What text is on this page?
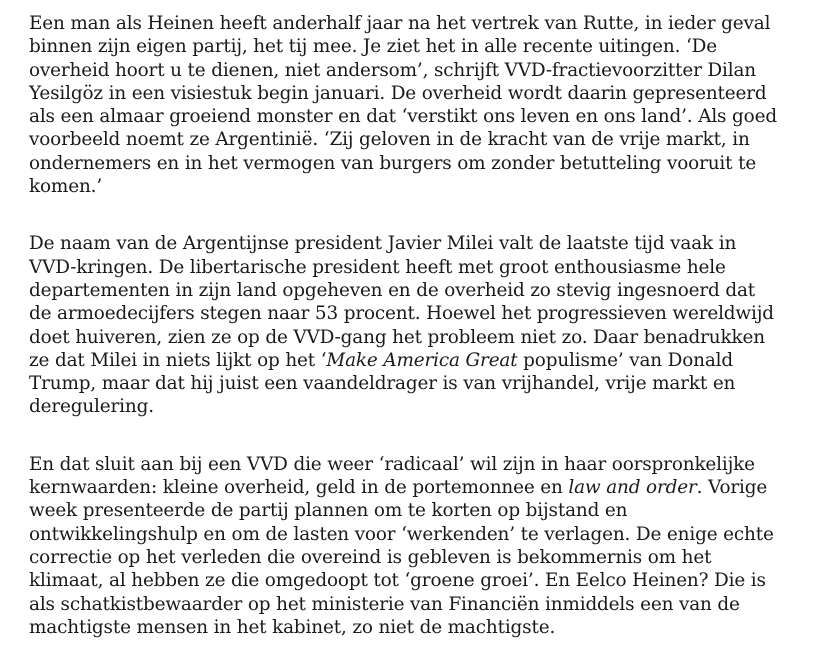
Een man als Heinen heeft anderhalf jaar na het vertrek van Rutte, in ieder geval
binnen zijn eigen partij, het tij mee. Je ziet het in alle recente uitingen. ‘De
overheid hoort u te dienen, niet andersom’, schrijft VVD-fractievoorzitter Dilan
Yesilgöz in een visiestuk begin januari. De overheid wordt daarin gepresenteerd
als een almaar groeiend monster en dat ‘verstikt ons leven en ons land’. Als goed
voorbeeld noemt ze Argentinië. ‘Zij geloven in de kracht van de vrije markt, in
ondernemers en in het vermogen van burgers om zonder betutteling vooruit te
komen.’

De naam van de Argentijnse president Javier Milei valt de laatste tijd vaak in
VVD-kringen. De libertarische president heeft met groot enthousiasme hele
departementen in zijn land opgeheven en de overheid zo stevig ingesnoerd dat
de armoedecijfers stegen naar 53 procent. Hoewel het progressieven wereldwijd
doet huiveren, zien ze op de VVD-gang het probleem niet zo. Daar benadrukken
ze dat Milei in niets lijkt op het ‘Make America Great populisme’ van Donald
Trump, maar dat hij juist een vaandeldrager is van vrijhandel, vrije markt en
deregulering.

En dat sluit aan bij een VVD die weer ‘radicaal’ wil zijn in haar oorspronkelijke
kernwaarden: kleine overheid, geld in de portemonnee en law and order. Vorige
week presenteerde de partij plannen om te korten op bijstand en
ontwikkelingshulp en om de lasten voor ‘werkenden’ te verlagen. De enige echte
correctie op het verleden die overeind is gebleven is bekommernis om het
klimaat, al hebben ze die omgedoopt tot ‘groene groei’. En Eelco Heinen? Die is
als schatkistbewaarder op het ministerie van Financiën inmiddels een van de
machtigste mensen in het kabinet, zo niet de machtigste.
